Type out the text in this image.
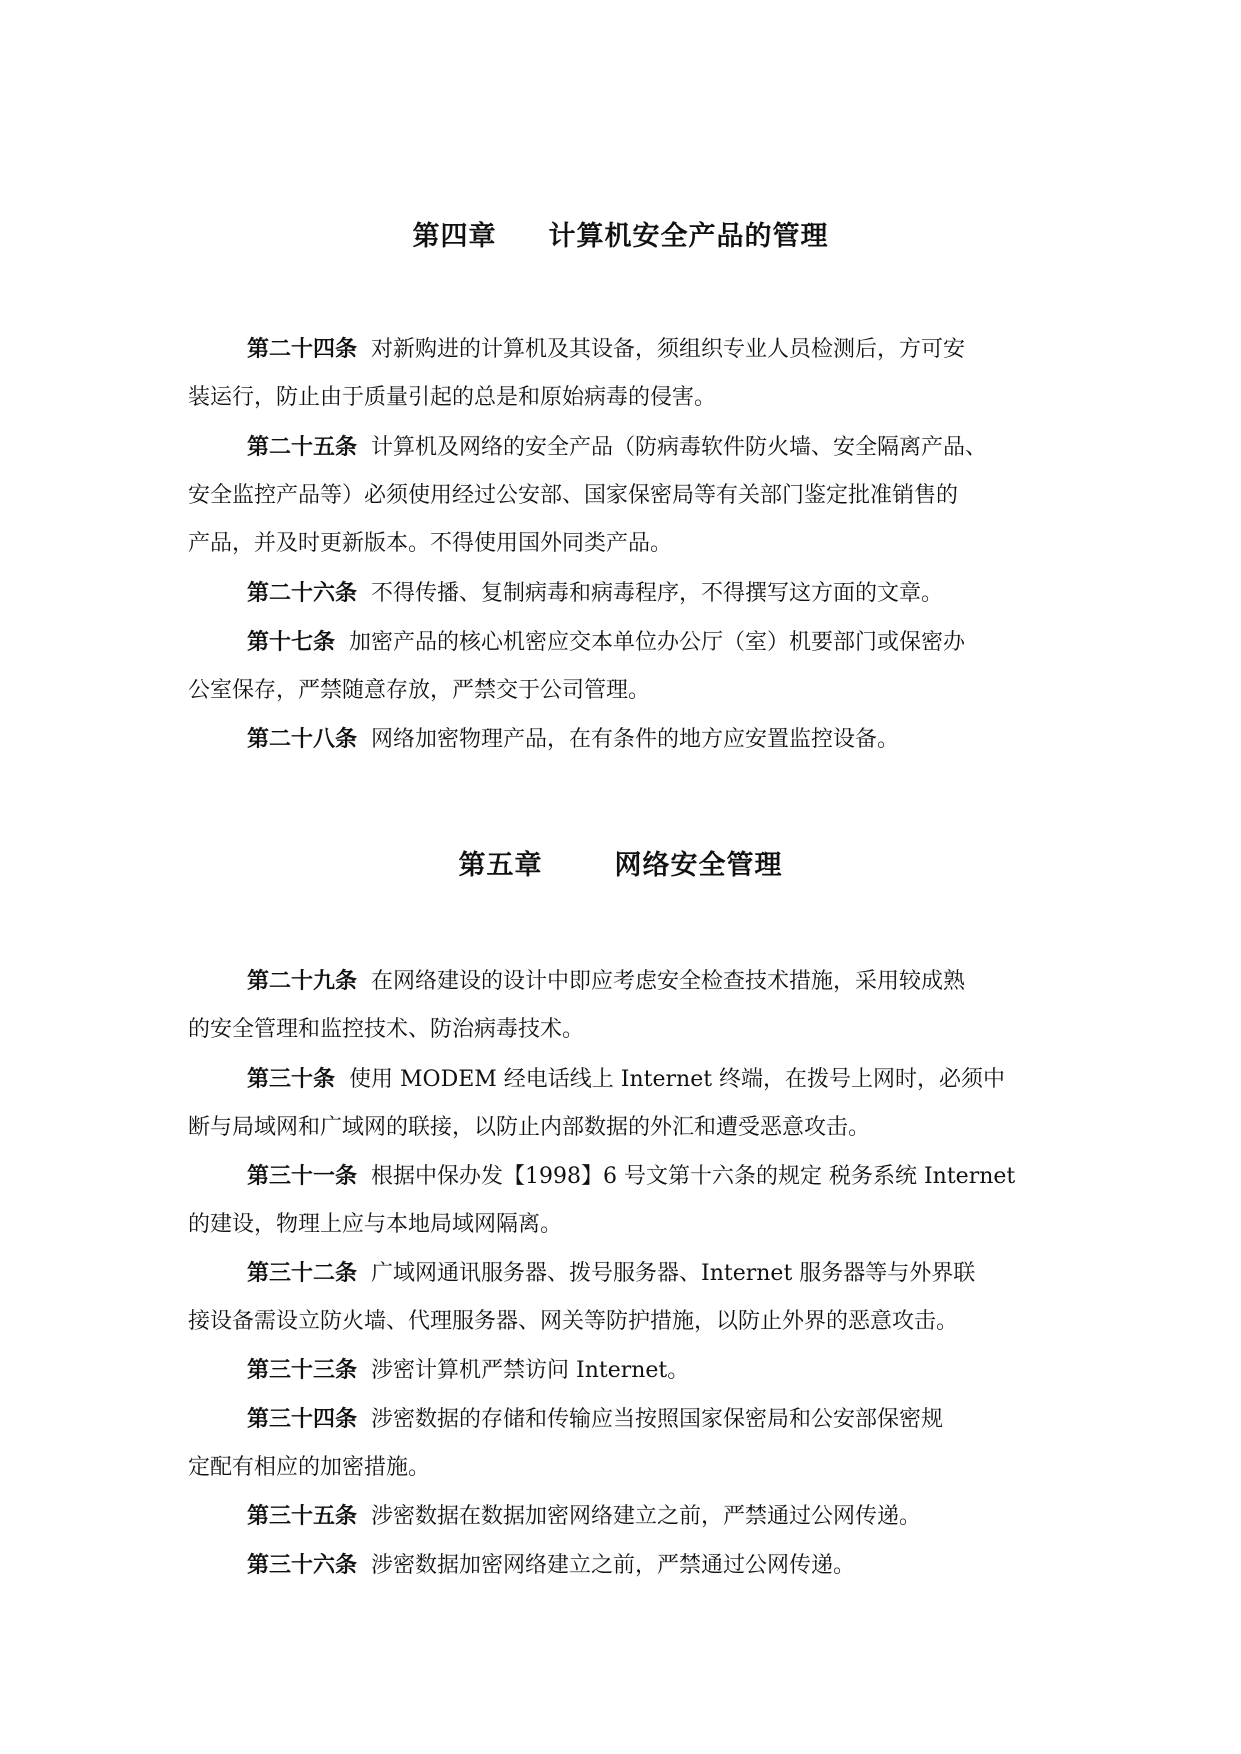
第四章 计算机安全产品的管理

第二十四条 对新购进的计算机及其设备，须组织专业人员检测后，方可安
装运行，防止由于质量引起的总是和原始病毒的侵害。

第二十五条 计算机及网络的安全产品（防病毒软件防火墙、安全隔离产品、
安全监控产品等）必须使用经过公安部、国家保密局等有关部门鉴定批准销售的
产品，并及时更新版本。不得使用国外同类产品。

第二十六条 不得传播、复制病毒和病毒程序，不得撰写这方面的文章。

第十七条 加密产品的核心机密应交本单位办公厅（室）机要部门或保密办
公室保存，严禁随意存放，严禁交于公司管理。

第二十八条 网络加密物理产品，在有条件的地方应安置监控设备。

第五章	网络安全管理

第二十九条 在网络建设的设计中即应考虑安全检查技术措施，采用较成熟
的安全管理和监控技术、防治病毒技术。

第三十条 使用 MODEM 经电话线上 Internet 终端，在拨号上网时，必须中
断与局域网和广域网的联接，以防止内部数据的外汇和遭受恶意攻击。

第三十一条 根据中保办发【1998】6 号文第十六条的规定 税务系统 Internet
的建设，物理上应与本地局域网隔离。

第三十二条 广域网通讯服务器、拨号服务器、Internet 服务器等与外界联
接设备需设立防火墙、代理服务器、网关等防护措施，以防止外界的恶意攻击。

第三十三条 涉密计算机严禁访问 Internet。

第三十四条 涉密数据的存储和传输应当按照国家保密局和公安部保密规
定配有相应的加密措施。

第三十五条 涉密数据在数据加密网络建立之前，严禁通过公网传递。

第三十六条 涉密数据加密网络建立之前，严禁通过公网传递。
